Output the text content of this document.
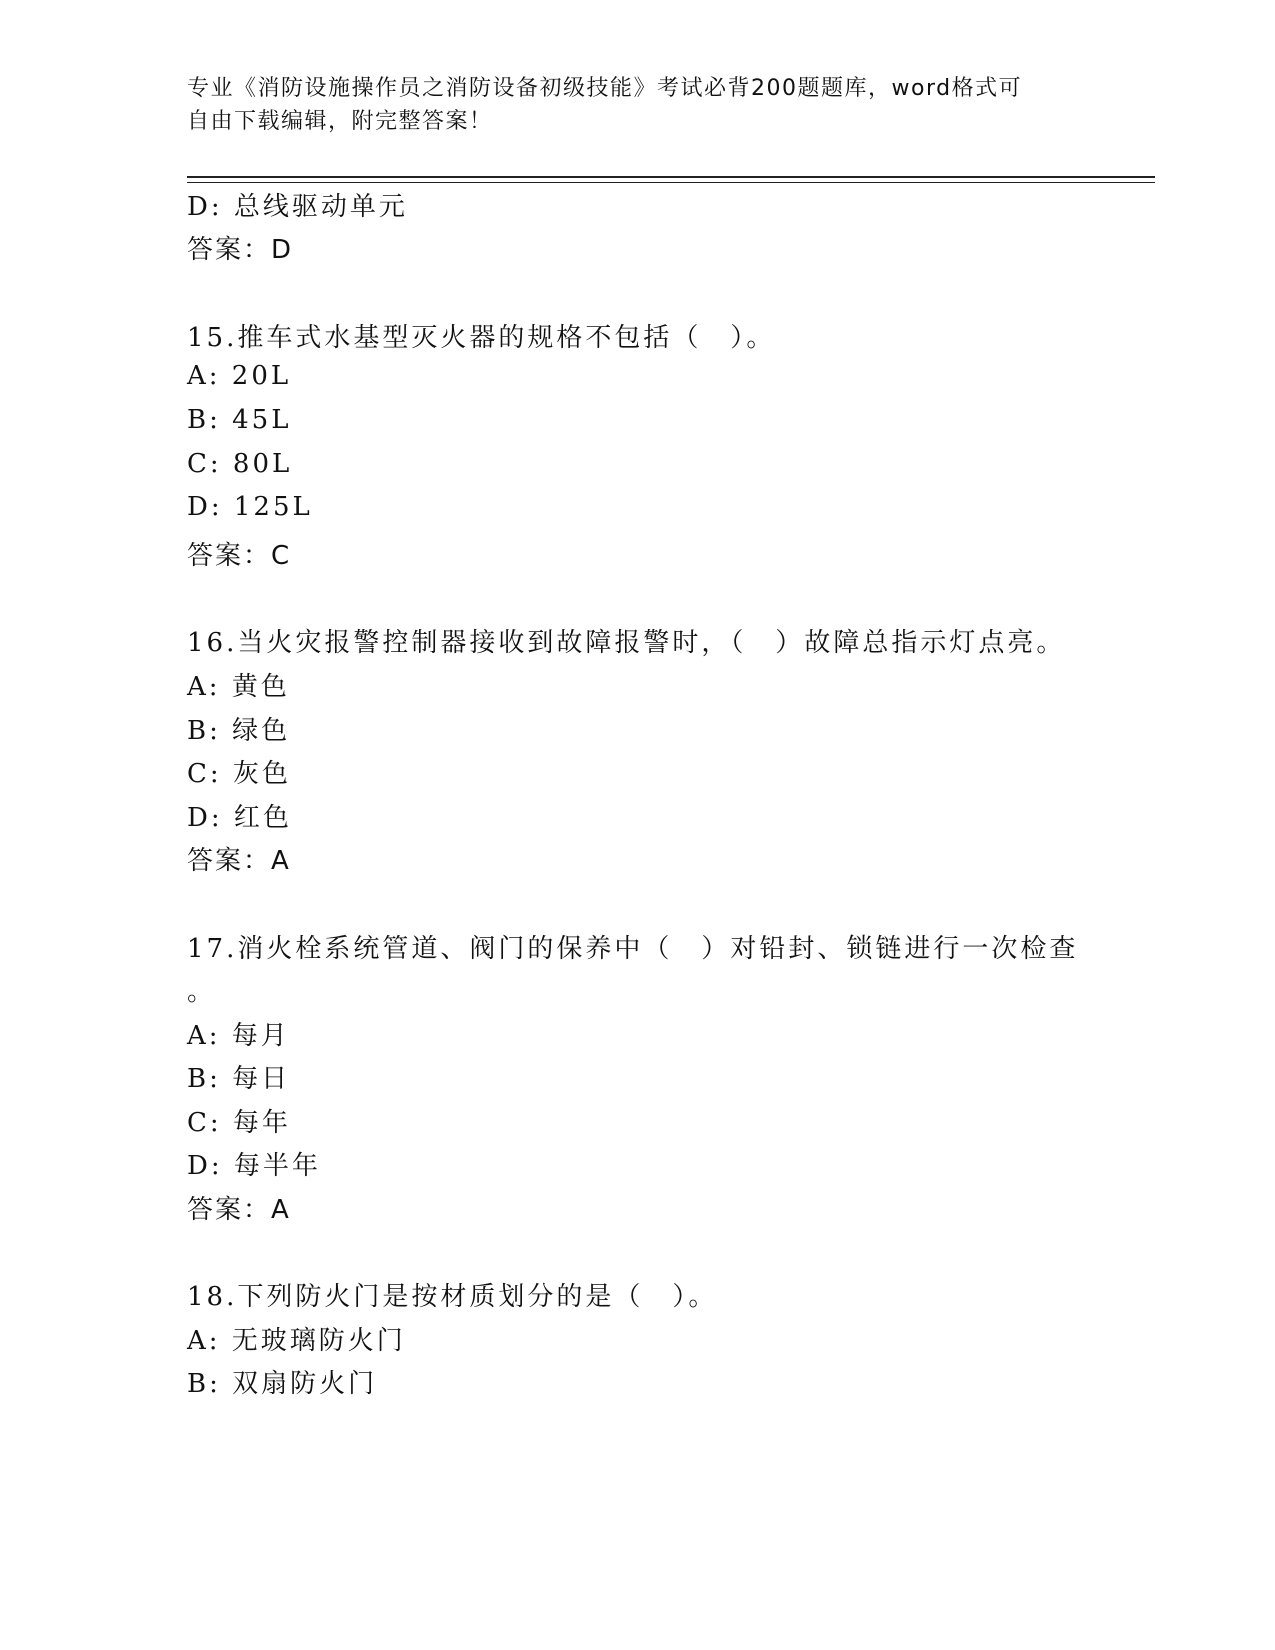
专业《消防设施操作员之消防设备初级技能》考试必背200题题库，word格式可
自由下载编辑，附完整答案！
D: 总线驱动单元
答案：D
15.推车式水基型灭火器的规格不包括（　）。
A: 20L
B: 45L
C: 80L
D: 125L
答案：C
16.当火灾报警控制器接收到故障报警时，（　）故障总指示灯点亮。
A: 黄色
B: 绿色
C: 灰色
D: 红色
答案：A
17.消火栓系统管道、阀门的保养中（　）对铅封、锁链进行一次检查
。
A: 每月
B: 每日
C: 每年
D: 每半年
答案：A
18.下列防火门是按材质划分的是（　）。
A: 无玻璃防火门
B: 双扇防火门
